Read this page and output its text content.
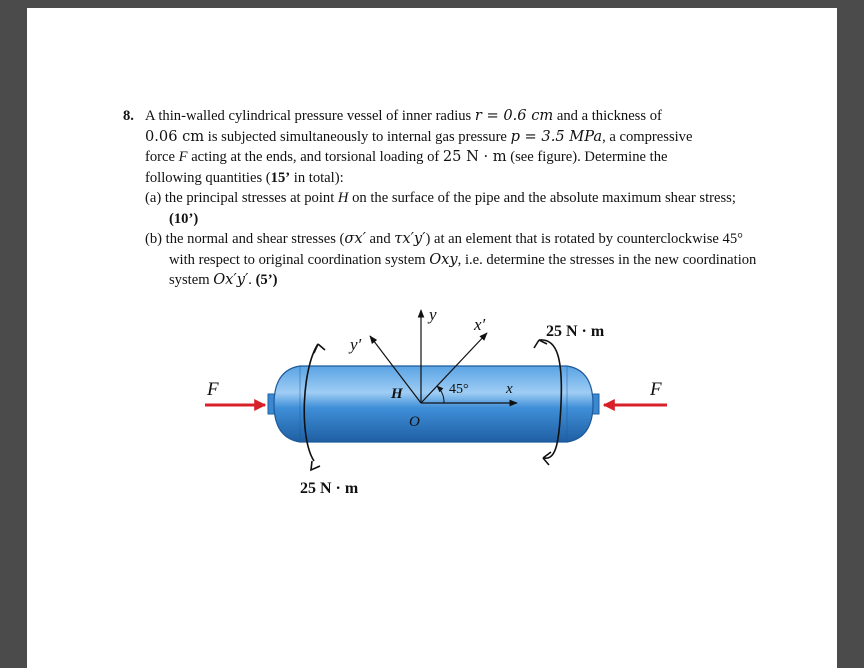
8. A thin-walled cylindrical pressure vessel of inner radius r = 0.6 cm and a thickness of
0.06 cm is subjected simultaneously to internal gas pressure p = 3.5 MPa, a compressive
force F acting at the ends, and torsional loading of 25 N · m (see figure). Determine the
following quantities (15’ in total):
(a) the principal stresses at point H on the surface of the pipe and the absolute maximum shear stress; (10’)
(b) the normal and shear stresses (σx′ and τx′y′) at an element that is rotated by counterclockwise 45° with respect to original coordination system Oxy, i.e. determine the stresses in the new coordination system Ox′y′. (5’)
F	F
y
x
x′
y′
H
O
45°
25 N · m
25 N · m
